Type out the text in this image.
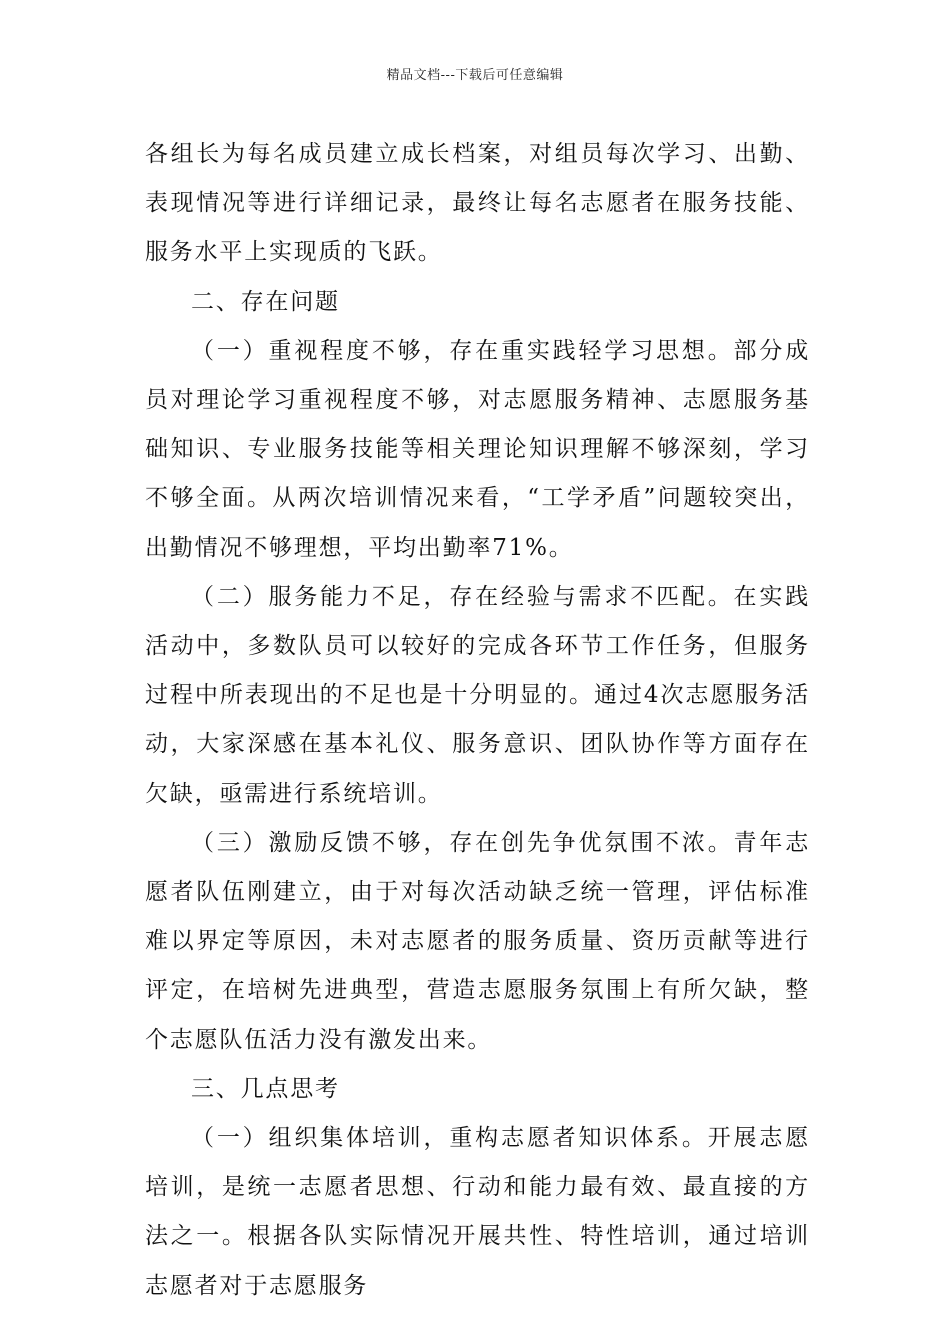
精品文档---下载后可任意编辑

各组长为每名成员建立成长档案，对组员每次学习、出勤、表现情况等进行详细记录，最终让每名志愿者在服务技能、服务水平上实现质的飞跃。

二、存在问题

（一）重视程度不够，存在重实践轻学习思想。部分成员对理论学习重视程度不够，对志愿服务精神、志愿服务基础知识、专业服务技能等相关理论知识理解不够深刻，学习不够全面。从两次培训情况来看，“工学矛盾”问题较突出，出勤情况不够理想，平均出勤率71%。

（二）服务能力不足，存在经验与需求不匹配。在实践活动中，多数队员可以较好的完成各环节工作任务，但服务过程中所表现出的不足也是十分明显的。通过4次志愿服务活动，大家深感在基本礼仪、服务意识、团队协作等方面存在欠缺，亟需进行系统培训。

（三）激励反馈不够，存在创先争优氛围不浓。青年志愿者队伍刚建立，由于对每次活动缺乏统一管理，评估标准难以界定等原因，未对志愿者的服务质量、资历贡献等进行评定，在培树先进典型，营造志愿服务氛围上有所欠缺，整个志愿队伍活力没有激发出来。

三、几点思考

（一）组织集体培训，重构志愿者知识体系。开展志愿培训，是统一志愿者思想、行动和能力最有效、最直接的方法之一。根据各队实际情况开展共性、特性培训，通过培训志愿者对于志愿服务
